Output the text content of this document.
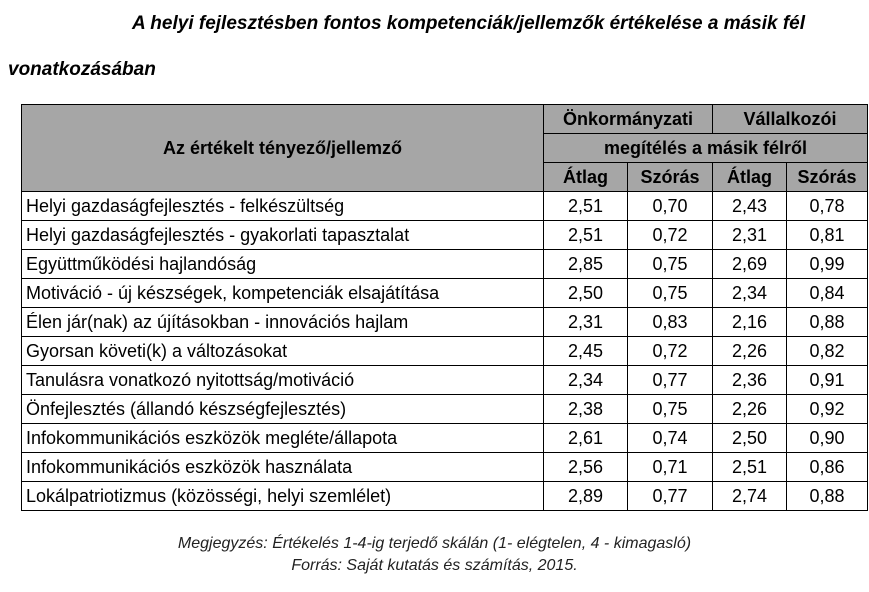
A helyi fejlesztésben fontos kompetenciák/jellemzők értékelése a másik fél
vonatkozásában
Az értékelt tényező/jellemző	Önkormányzati		Vállalkozói	
	megítélés a másik félről			
	Átlag	Szórás	Átlag	Szórás
Helyi gazdaságfejlesztés - felkészültség	2,51	0,70	2,43	0,78
Helyi gazdaságfejlesztés - gyakorlati tapasztalat	2,51	0,72	2,31	0,81
Együttműködési hajlandóság	2,85	0,75	2,69	0,99
Motiváció - új készségek, kompetenciák elsajátítása	2,50	0,75	2,34	0,84
Élen jár(nak) az újításokban - innovációs hajlam	2,31	0,83	2,16	0,88
Gyorsan követi(k) a változásokat	2,45	0,72	2,26	0,82
Tanulásra vonatkozó nyitottság/motiváció	2,34	0,77	2,36	0,91
Önfejlesztés (állandó készségfejlesztés)	2,38	0,75	2,26	0,92
Infokommunikációs eszközök megléte/állapota	2,61	0,74	2,50	0,90
Infokommunikációs eszközök használata	2,56	0,71	2,51	0,86
Lokálpatriotizmus (közösségi, helyi szemlélet)	2,89	0,77	2,74	0,88
Megjegyzés: Értékelés 1-4-ig terjedő skálán (1- elégtelen, 4 - kimagasló)
Forrás: Saját kutatás és számítás, 2015.
